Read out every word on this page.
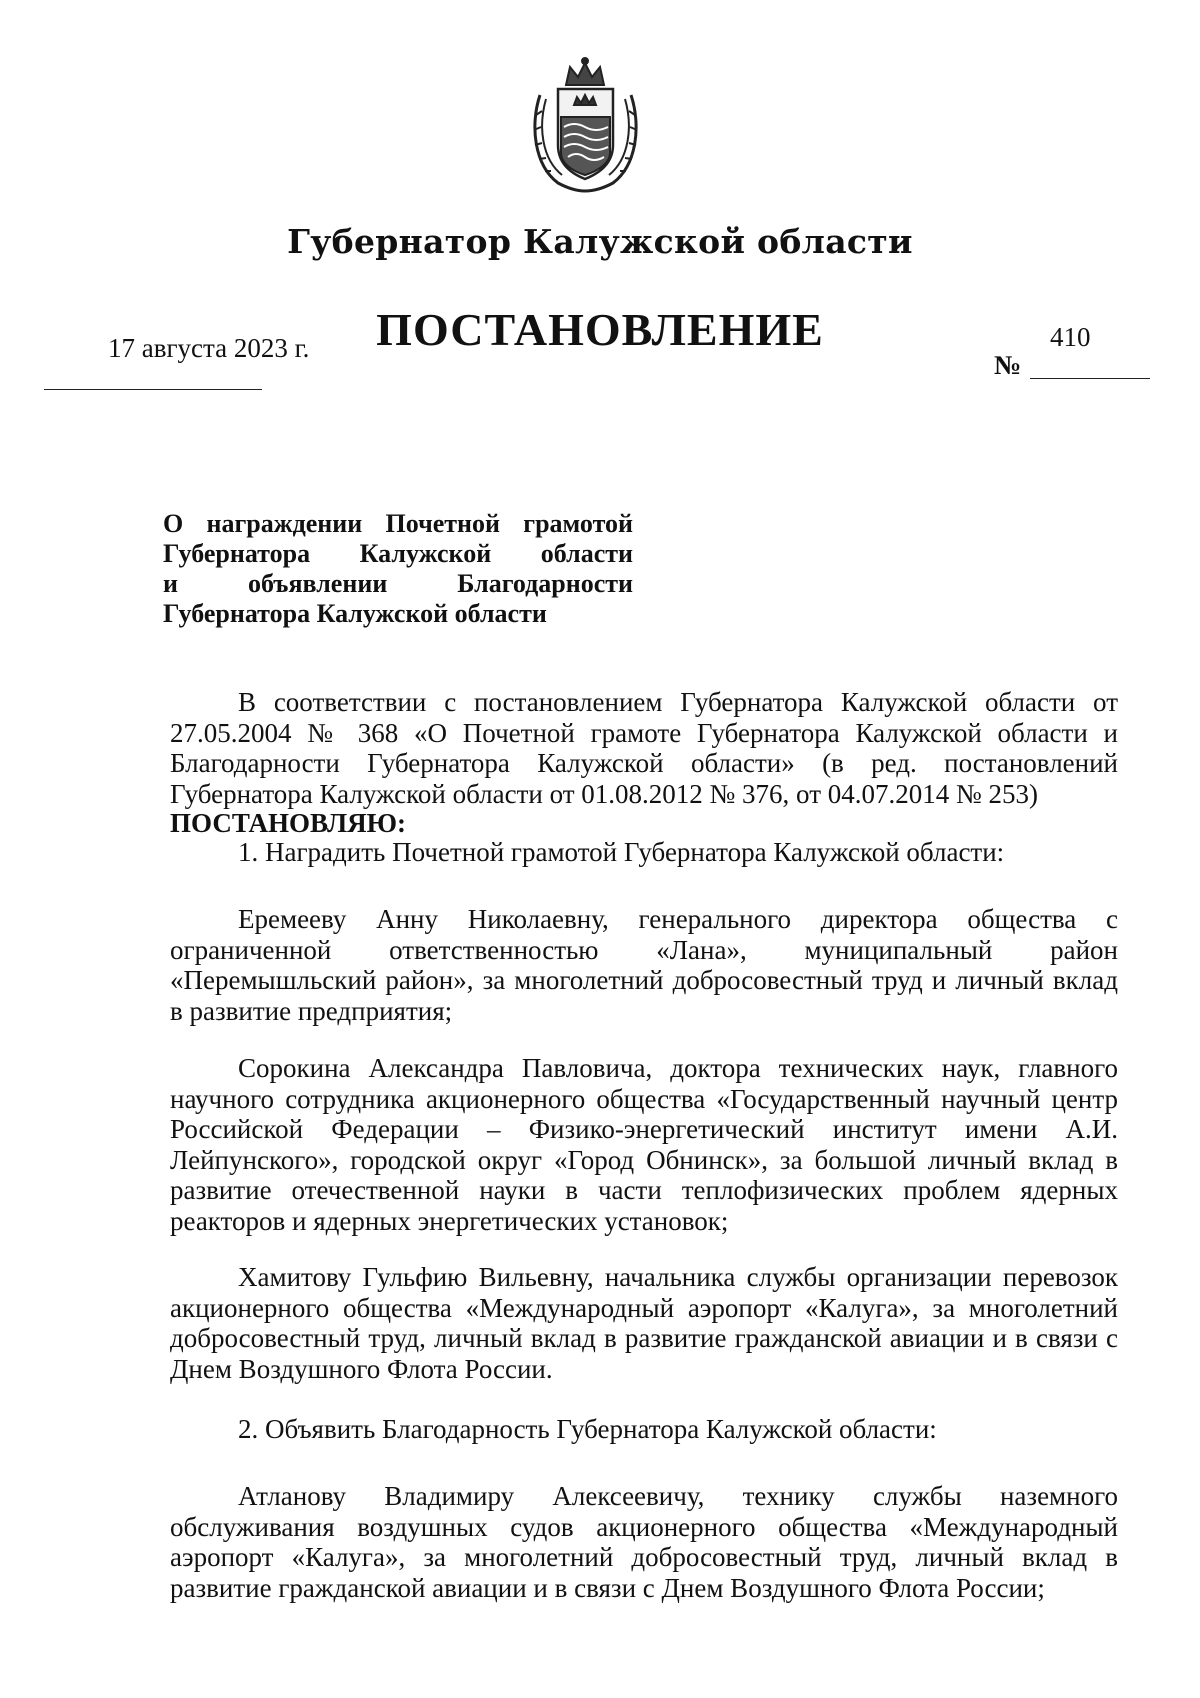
Губернатор Калужской области
ПОСТАНОВЛЕНИЕ
17 августа 2023 г.	410
№
О награждении Почетной грамотой
Губернатора Калужской области
и объявлении Благодарности
Губернатора Калужской области
В соответствии с постановлением Губернатора Калужской области от 27.05.2004 № 368 «О Почетной грамоте Губернатора Калужской области и Благодарности Губернатора Калужской области» (в ред. постановлений Губернатора Калужской области от 01.08.2012 № 376, от 04.07.2014 № 253)
ПОСТАНОВЛЯЮ:
1. Наградить Почетной грамотой Губернатора Калужской области:
Еремееву Анну Николаевну, генерального директора общества с ограниченной ответственностью «Лана», муниципальный район «Перемышльский район», за многолетний добросовестный труд и личный вклад в развитие предприятия;
Сорокина Александра Павловича, доктора технических наук, главного научного сотрудника акционерного общества «Государственный научный центр Российской Федерации – Физико-энергетический институт имени А.И. Лейпунского», городской округ «Город Обнинск», за большой личный вклад в развитие отечественной науки в части теплофизических проблем ядерных реакторов и ядерных энергетических установок;
Хамитову Гульфию Вильевну, начальника службы организации перевозок акционерного общества «Международный аэропорт «Калуга», за многолетний добросовестный труд, личный вклад в развитие гражданской авиации и в связи с Днем Воздушного Флота России.
2. Объявить Благодарность Губернатора Калужской области:
Атланову Владимиру Алексеевичу, технику службы наземного обслуживания воздушных судов акционерного общества «Международный аэропорт «Калуга», за многолетний добросовестный труд, личный вклад в развитие гражданской авиации и в связи с Днем Воздушного Флота России;
